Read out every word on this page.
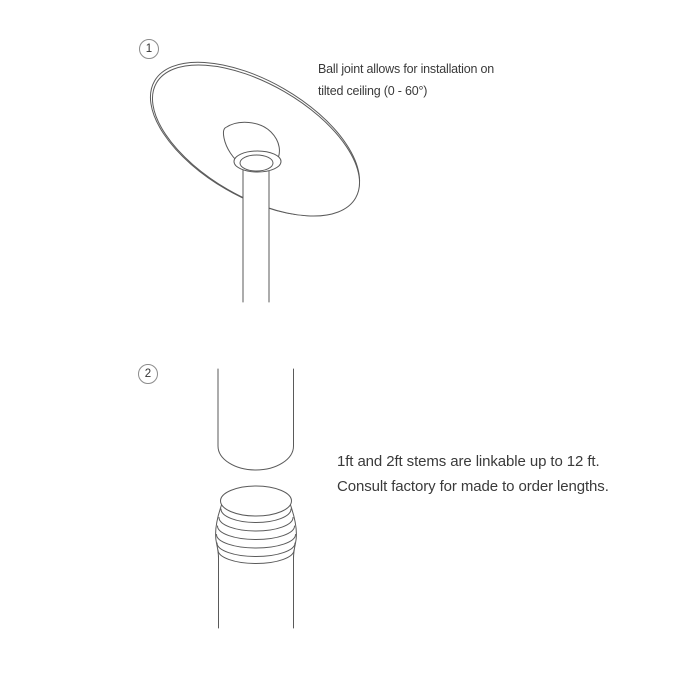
1
2
Ball joint allows for installation on
tilted ceiling (0 - 60°)
1ft and 2ft stems are linkable up to 12 ft.
Consult factory for made to order lengths.
